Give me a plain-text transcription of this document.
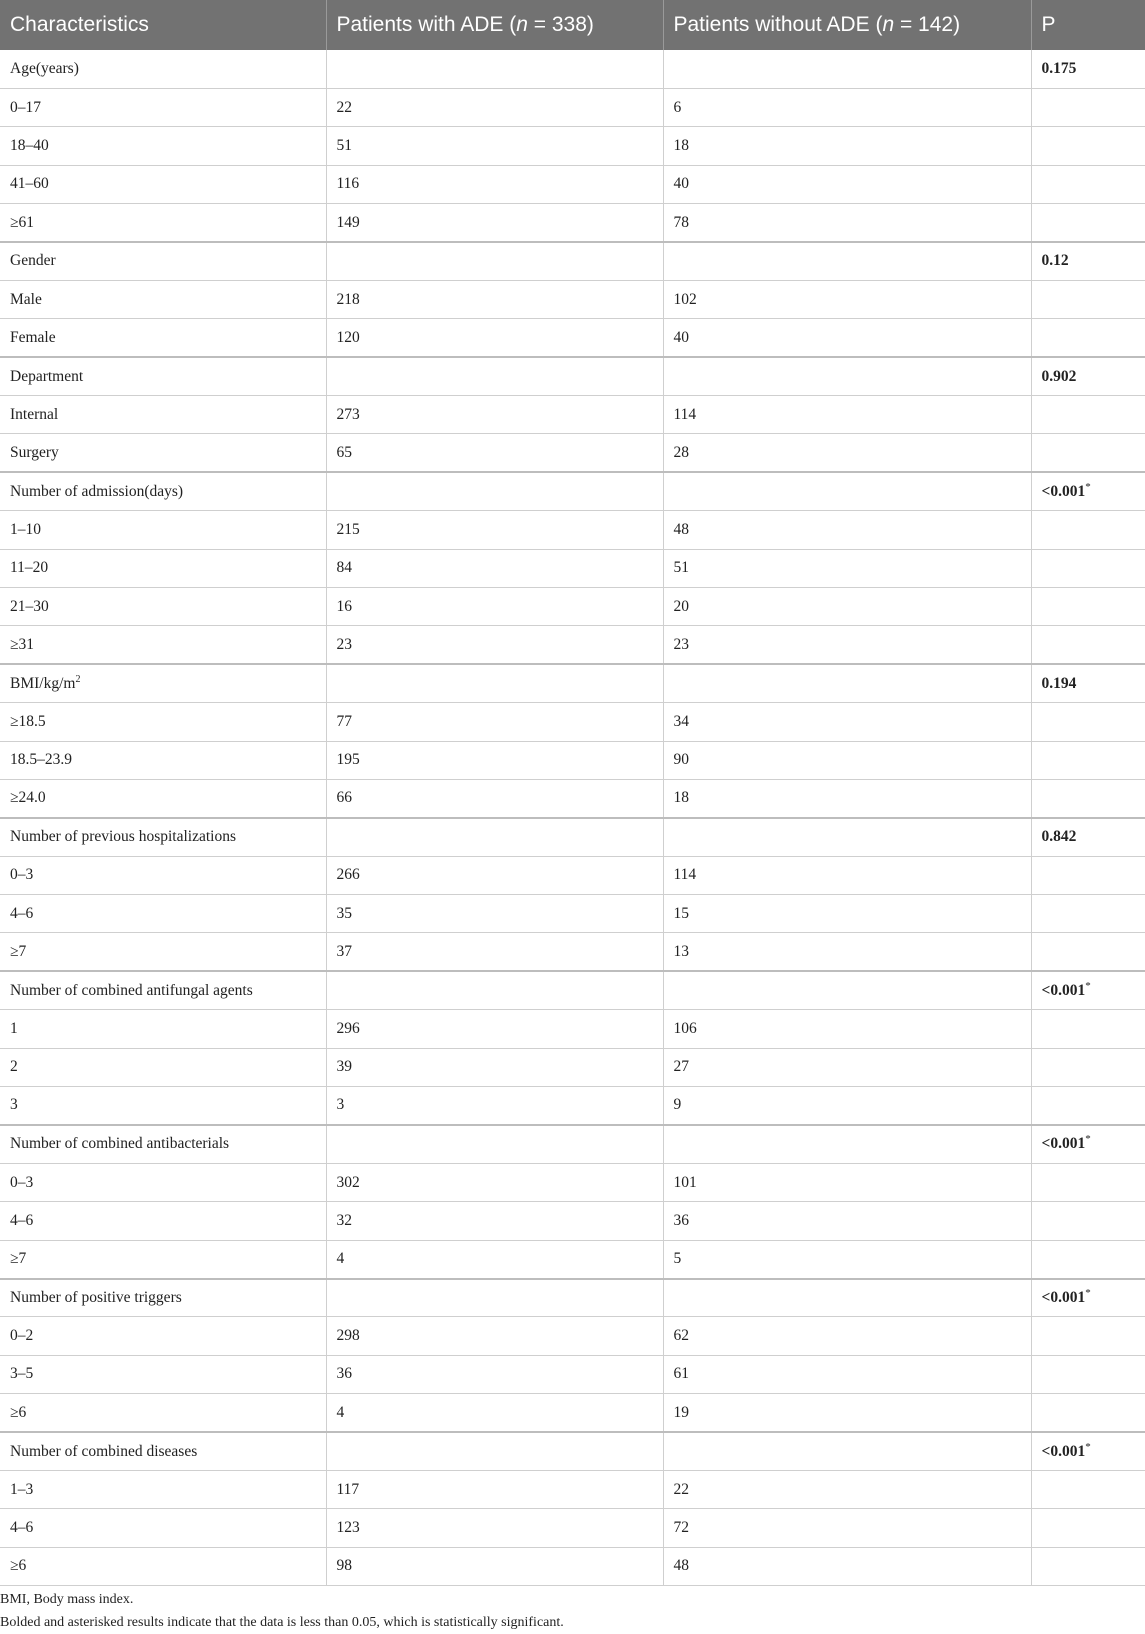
Characteristics	Patients with ADE (n = 338)	Patients without ADE (n = 142)	P
Age(years)			0.175
0–17	22	6	
18–40	51	18	
41–60	116	40	
≥61	149	78	
Gender			0.12
Male	218	102	
Female	120	40	
Department			0.902
Internal	273	114	
Surgery	65	28	
Number of admission(days)			<0.001*
1–10	215	48	
11–20	84	51	
21–30	16	20	
≥31	23	23	
BMI/$kg/m^2$			0.194
≥18.5	77	34	
18.5–23.9	195	90	
≥24.0	66	18	
Number of previous hospitalizations			0.842
0–3	266	114	
4–6	35	15	
≥7	37	13	
Number of combined antifungal agents			<0.001*
1	296	106	
2	39	27	
3	3	9	
Number of combined antibacterials			<0.001*
0–3	302	101	
4–6	32	36	
≥7	4	5	
Number of positive triggers			<0.001*
0–2	298	62	
3–5	36	61	
≥6	4	19	
Number of combined diseases			<0.001*
1–3	117	22	
4–6	123	72	
≥6	98	48	
BMI, Body mass index.
Bolded and asterisked results indicate that the data is less than 0.05, which is statistically significant.
